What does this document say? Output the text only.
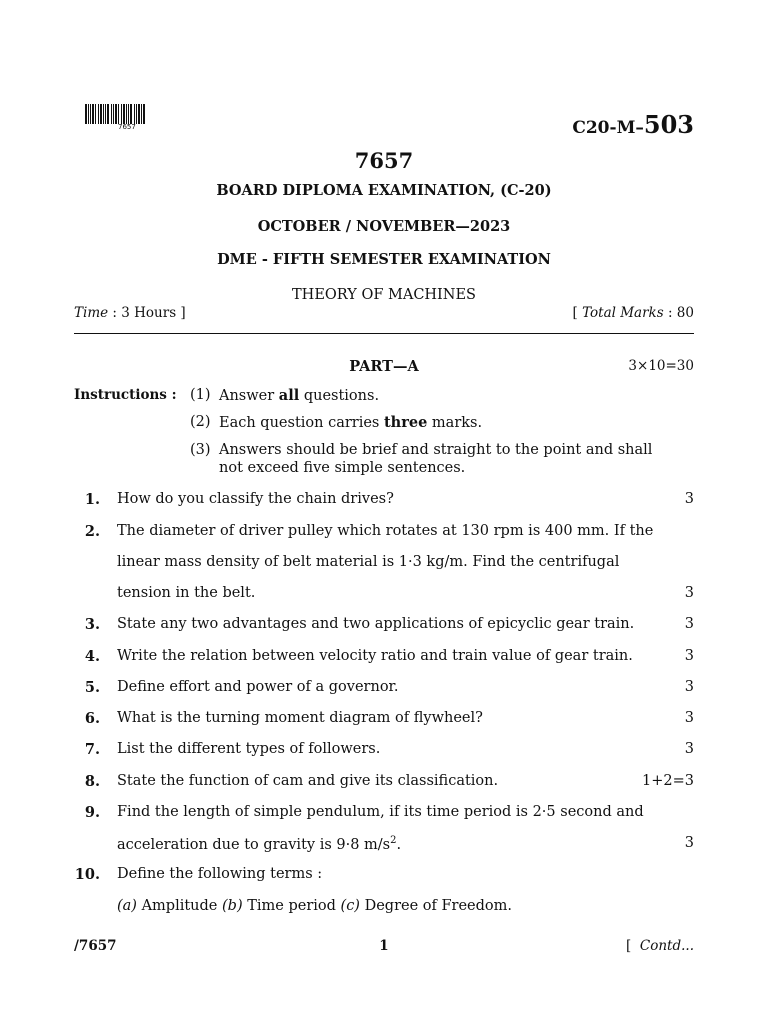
7657	C20-M–503
7657
BOARD DIPLOMA EXAMINATION, (C-20)
OCTOBER / NOVEMBER—2023
DME - FIFTH SEMESTER EXAMINATION
THEORY OF MACHINES
Time : 3 Hours ]	[ Total Marks : 80
PART—A	3×10=30
Instructions : (1) Answer all questions.
(2) Each question carries three marks.
(3) Answers should be brief and straight to the point and shall
not exceed five simple sentences.
1. How do you classify the chain drives?	3
2. The diameter of driver pulley which rotates at 130 rpm is 400 mm. If the
linear mass density of belt material is 1·3 kg/m. Find the centrifugal
tension in the belt.	3
3. State any two advantages and two applications of epicyclic gear train.	3
4. Write the relation between velocity ratio and train value of gear train.	3
5. Define effort and power of a governor.	3
6. What is the turning moment diagram of flywheel?	3
7. List the different types of followers.	3
8. State the function of cam and give its classification.	1+2=3
9. Find the length of simple pendulum, if its time period is 2·5 second and
acceleration due to gravity is 9·8 $m/s^2$.	3
10. Define the following terms :
(a) Amplitude (b) Time period (c) Degree of Freedom.
/7657	1	[ Contd...
